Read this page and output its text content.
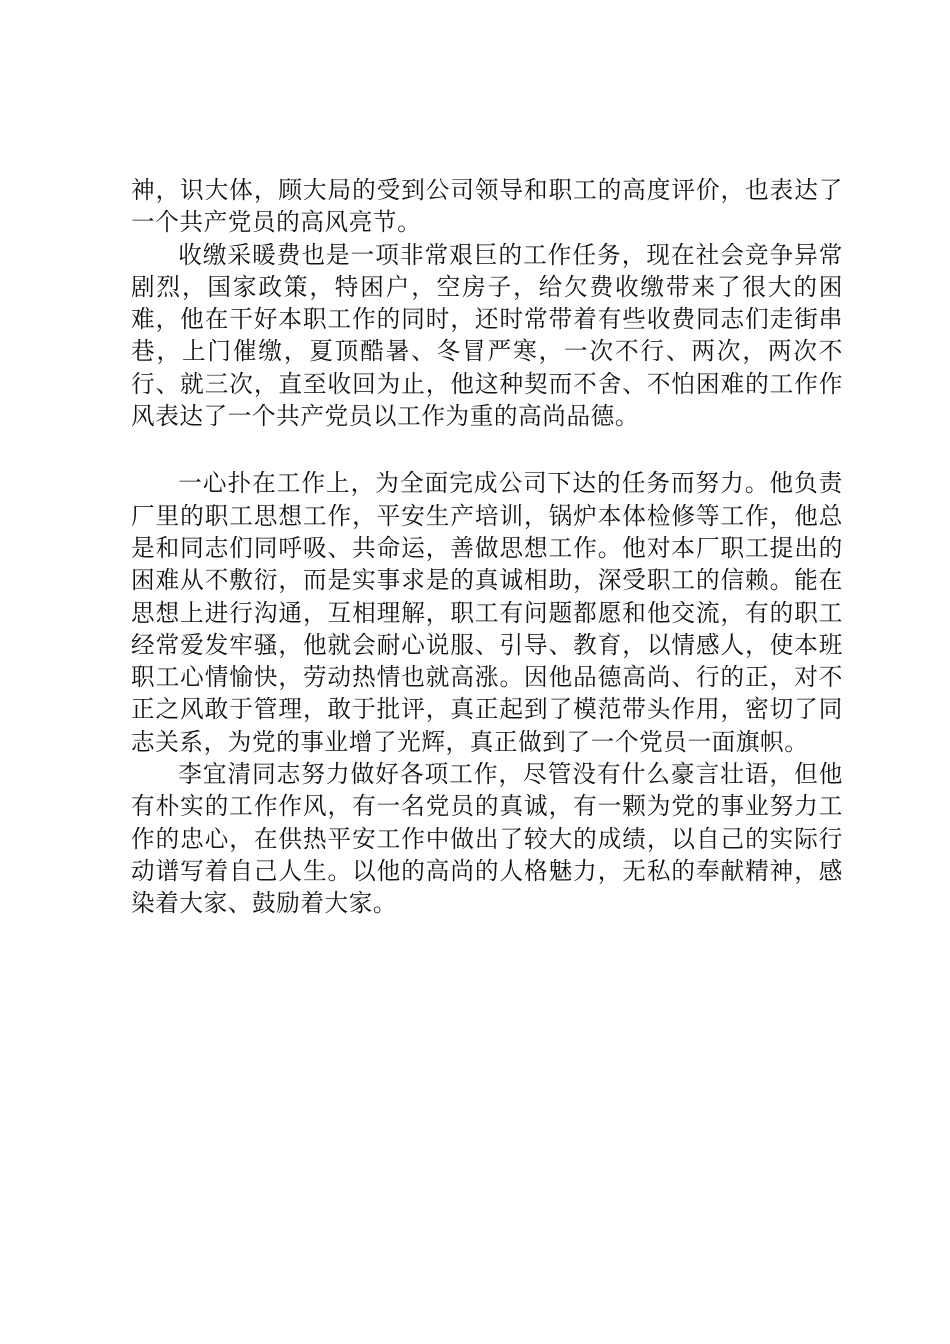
神，识大体，顾大局的受到公司领导和职工的高度评价，也表达了一个共产党员的高风亮节。

收缴采暖费也是一项非常艰巨的工作任务，现在社会竞争异常剧烈，国家政策，特困户，空房子，给欠费收缴带来了很大的困难，他在干好本职工作的同时，还时常带着有些收费同志们走街串巷，上门催缴，夏顶酷暑、冬冒严寒，一次不行、两次，两次不行、就三次，直至收回为止，他这种契而不舍、不怕困难的工作作风表达了一个共产党员以工作为重的高尚品德。

一心扑在工作上，为全面完成公司下达的任务而努力。他负责厂里的职工思想工作，平安生产培训，锅炉本体检修等工作，他总是和同志们同呼吸、共命运，善做思想工作。他对本厂职工提出的困难从不敷衍，而是实事求是的真诚相助，深受职工的信赖。能在思想上进行沟通，互相理解，职工有问题都愿和他交流，有的职工经常爱发牢骚，他就会耐心说服、引导、教育，以情感人，使本班职工心情愉快，劳动热情也就高涨。因他品德高尚、行的正，对不正之风敢于管理，敢于批评，真正起到了模范带头作用，密切了同志关系，为党的事业增了光辉，真正做到了一个党员一面旗帜。

李宜清同志努力做好各项工作，尽管没有什么豪言壮语，但他有朴实的工作作风，有一名党员的真诚，有一颗为党的事业努力工作的忠心，在供热平安工作中做出了较大的成绩，以自己的实际行动谱写着自己人生。以他的高尚的人格魅力，无私的奉献精神，感染着大家、鼓励着大家。
